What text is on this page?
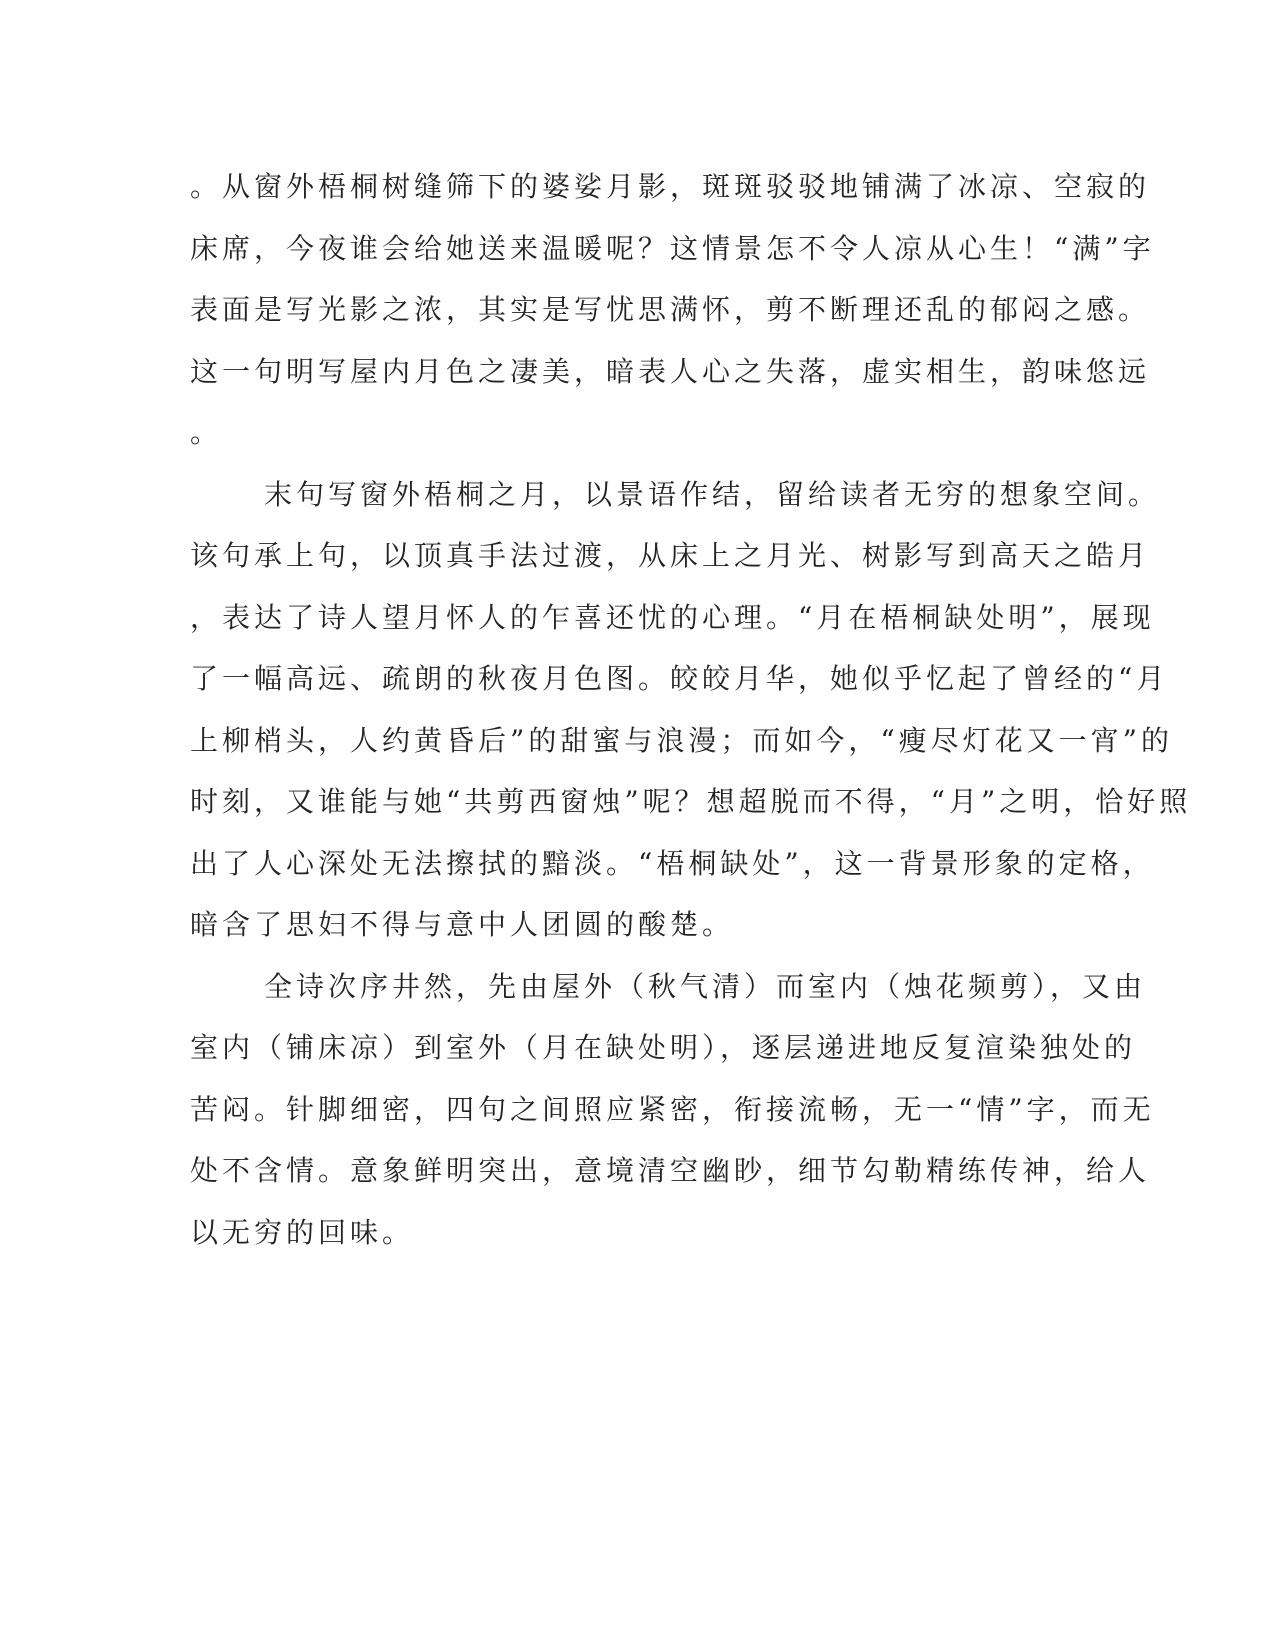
。从窗外梧桐树缝筛下的婆娑月影，斑斑驳驳地铺满了冰凉、空寂的
床席，今夜谁会给她送来温暖呢？这情景怎不令人凉从心生！“满”字
表面是写光影之浓，其实是写忧思满怀，剪不断理还乱的郁闷之感。
这一句明写屋内月色之凄美，暗表人心之失落，虚实相生，韵味悠远
。
末句写窗外梧桐之月，以景语作结，留给读者无穷的想象空间。
该句承上句，以顶真手法过渡，从床上之月光、树影写到高天之皓月
，表达了诗人望月怀人的乍喜还忧的心理。“月在梧桐缺处明”，展现
了一幅高远、疏朗的秋夜月色图。皎皎月华，她似乎忆起了曾经的“月
上柳梢头，人约黄昏后”的甜蜜与浪漫；而如今，“瘦尽灯花又一宵”的
时刻，又谁能与她“共剪西窗烛”呢？想超脱而不得，“月”之明，恰好照
出了人心深处无法擦拭的黯淡。“梧桐缺处”，这一背景形象的定格，
暗含了思妇不得与意中人团圆的酸楚。
全诗次序井然，先由屋外（秋气清）而室内（烛花频剪），又由
室内（铺床凉）到室外（月在缺处明），逐层递进地反复渲染独处的
苦闷。针脚细密，四句之间照应紧密，衔接流畅，无一“情”字，而无
处不含情。意象鲜明突出，意境清空幽眇，细节勾勒精练传神，给人
以无穷的回味。
